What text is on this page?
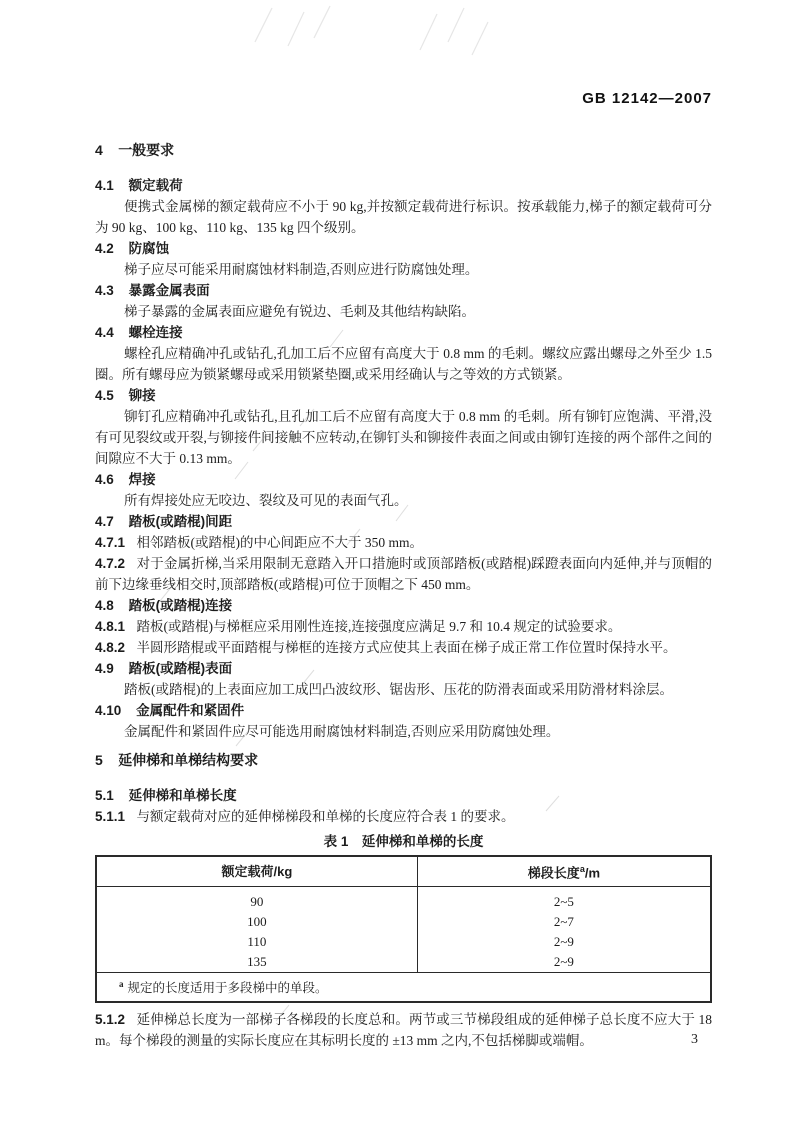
GB 12142—2007
4 一般要求
4.1 额定载荷

便携式金属梯的额定载荷应不小于 90 kg,并按额定载荷进行标识。按承载能力,梯子的额定载荷可分为 90 kg、100 kg、110 kg、135 kg 四个级别。

4.2 防腐蚀

梯子应尽可能采用耐腐蚀材料制造,否则应进行防腐蚀处理。

4.3 暴露金属表面

梯子暴露的金属表面应避免有锐边、毛刺及其他结构缺陷。

4.4 螺栓连接

螺栓孔应精确冲孔或钻孔,孔加工后不应留有高度大于 0.8 mm 的毛刺。螺纹应露出螺母之外至少 1.5 圈。所有螺母应为锁紧螺母或采用锁紧垫圈,或采用经确认与之等效的方式锁紧。

4.5 铆接

铆钉孔应精确冲孔或钻孔,且孔加工后不应留有高度大于 0.8 mm 的毛刺。所有铆钉应饱满、平滑,没有可见裂纹或开裂,与铆接件间接触不应转动,在铆钉头和铆接件表面之间或由铆钉连接的两个部件之间的间隙应不大于 0.13 mm。

4.6 焊接

所有焊接处应无咬边、裂纹及可见的表面气孔。

4.7 踏板(或踏棍)间距

4.7.1 相邻踏板(或踏棍)的中心间距应不大于 350 mm。

4.7.2 对于金属折梯,当采用限制无意踏入开口措施时或顶部踏板(或踏棍)踩蹬表面向内延伸,并与顶帽的前下边缘垂线相交时,顶部踏板(或踏棍)可位于顶帽之下 450 mm。

4.8 踏板(或踏棍)连接

4.8.1 踏板(或踏棍)与梯框应采用刚性连接,连接强度应满足 9.7 和 10.4 规定的试验要求。

4.8.2 半圆形踏棍或平面踏棍与梯框的连接方式应使其上表面在梯子成正常工作位置时保持水平。

4.9 踏板(或踏棍)表面

踏板(或踏棍)的上表面应加工成凹凸波纹形、锯齿形、压花的防滑表面或采用防滑材料涂层。

4.10 金属配件和紧固件

金属配件和紧固件应尽可能选用耐腐蚀材料制造,否则应采用防腐蚀处理。

5 延伸梯和单梯结构要求
5.1 延伸梯和单梯长度

5.1.1 与额定载荷对应的延伸梯梯段和单梯的长度应符合表 1 的要求。

表 1 延伸梯和单梯的长度
额定载荷/kg	梯段长度$^a$/m
90	2~5
100	2~7
110	2~9
135	2~9
$^a$ 规定的长度适用于多段梯中的单段。	

5.1.2 延伸梯总长度为一部梯子各梯段的长度总和。两节或三节梯段组成的延伸梯子总长度不应大于 18 m。每个梯段的测量的实际长度应在其标明长度的 ±13 mm 之内,不包括梯脚或端帽。	3
